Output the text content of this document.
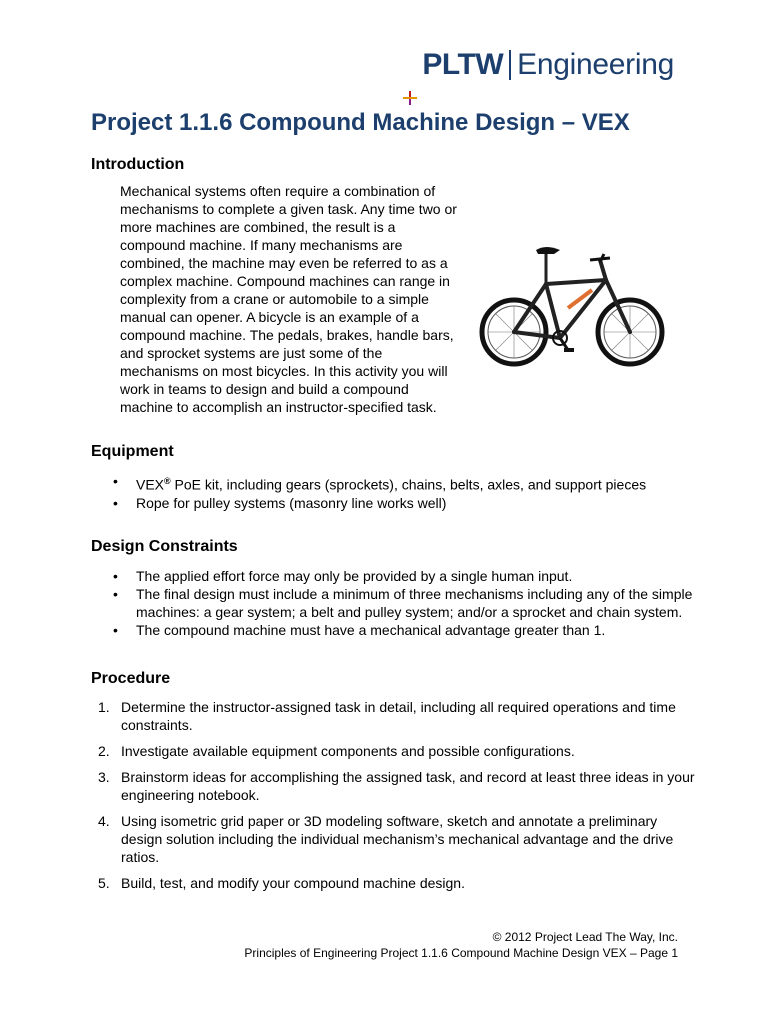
PLTW Engineering
Project 1.1.6 Compound Machine Design – VEX
Introduction

Mechanical systems often require a combination of mechanisms to complete a given task. Any time two or more machines are combined, the result is a compound machine. If many mechanisms are combined, the machine may even be referred to as a complex machine. Compound machines can range in complexity from a crane or automobile to a simple manual can opener. A bicycle is an example of a compound machine. The pedals, brakes, handle bars, and sprocket systems are just some of the mechanisms on most bicycles. In this activity you will work in teams to design and build a compound machine to accomplish an instructor-specified task.

Equipment
• VEX® PoE kit, including gears (sprockets), chains, belts, axles, and support pieces
• Rope for pulley systems (masonry line works well)
Design Constraints
• The applied effort force may only be provided by a single human input.
• The final design must include a minimum of three mechanisms including any of the simple machines: a gear system; a belt and pulley system; and/or a sprocket and chain system.
• The compound machine must have a mechanical advantage greater than 1.
Procedure
1. Determine the instructor-assigned task in detail, including all required operations and time constraints.
2. Investigate available equipment components and possible configurations.
3. Brainstorm ideas for accomplishing the assigned task, and record at least three ideas in your engineering notebook.
4. Using isometric grid paper or 3D modeling software, sketch and annotate a preliminary design solution including the individual mechanism’s mechanical advantage and the drive ratios.
5. Build, test, and modify your compound machine design.
© 2012 Project Lead The Way, Inc.
Principles of Engineering Project 1.1.6 Compound Machine Design VEX – Page 1
